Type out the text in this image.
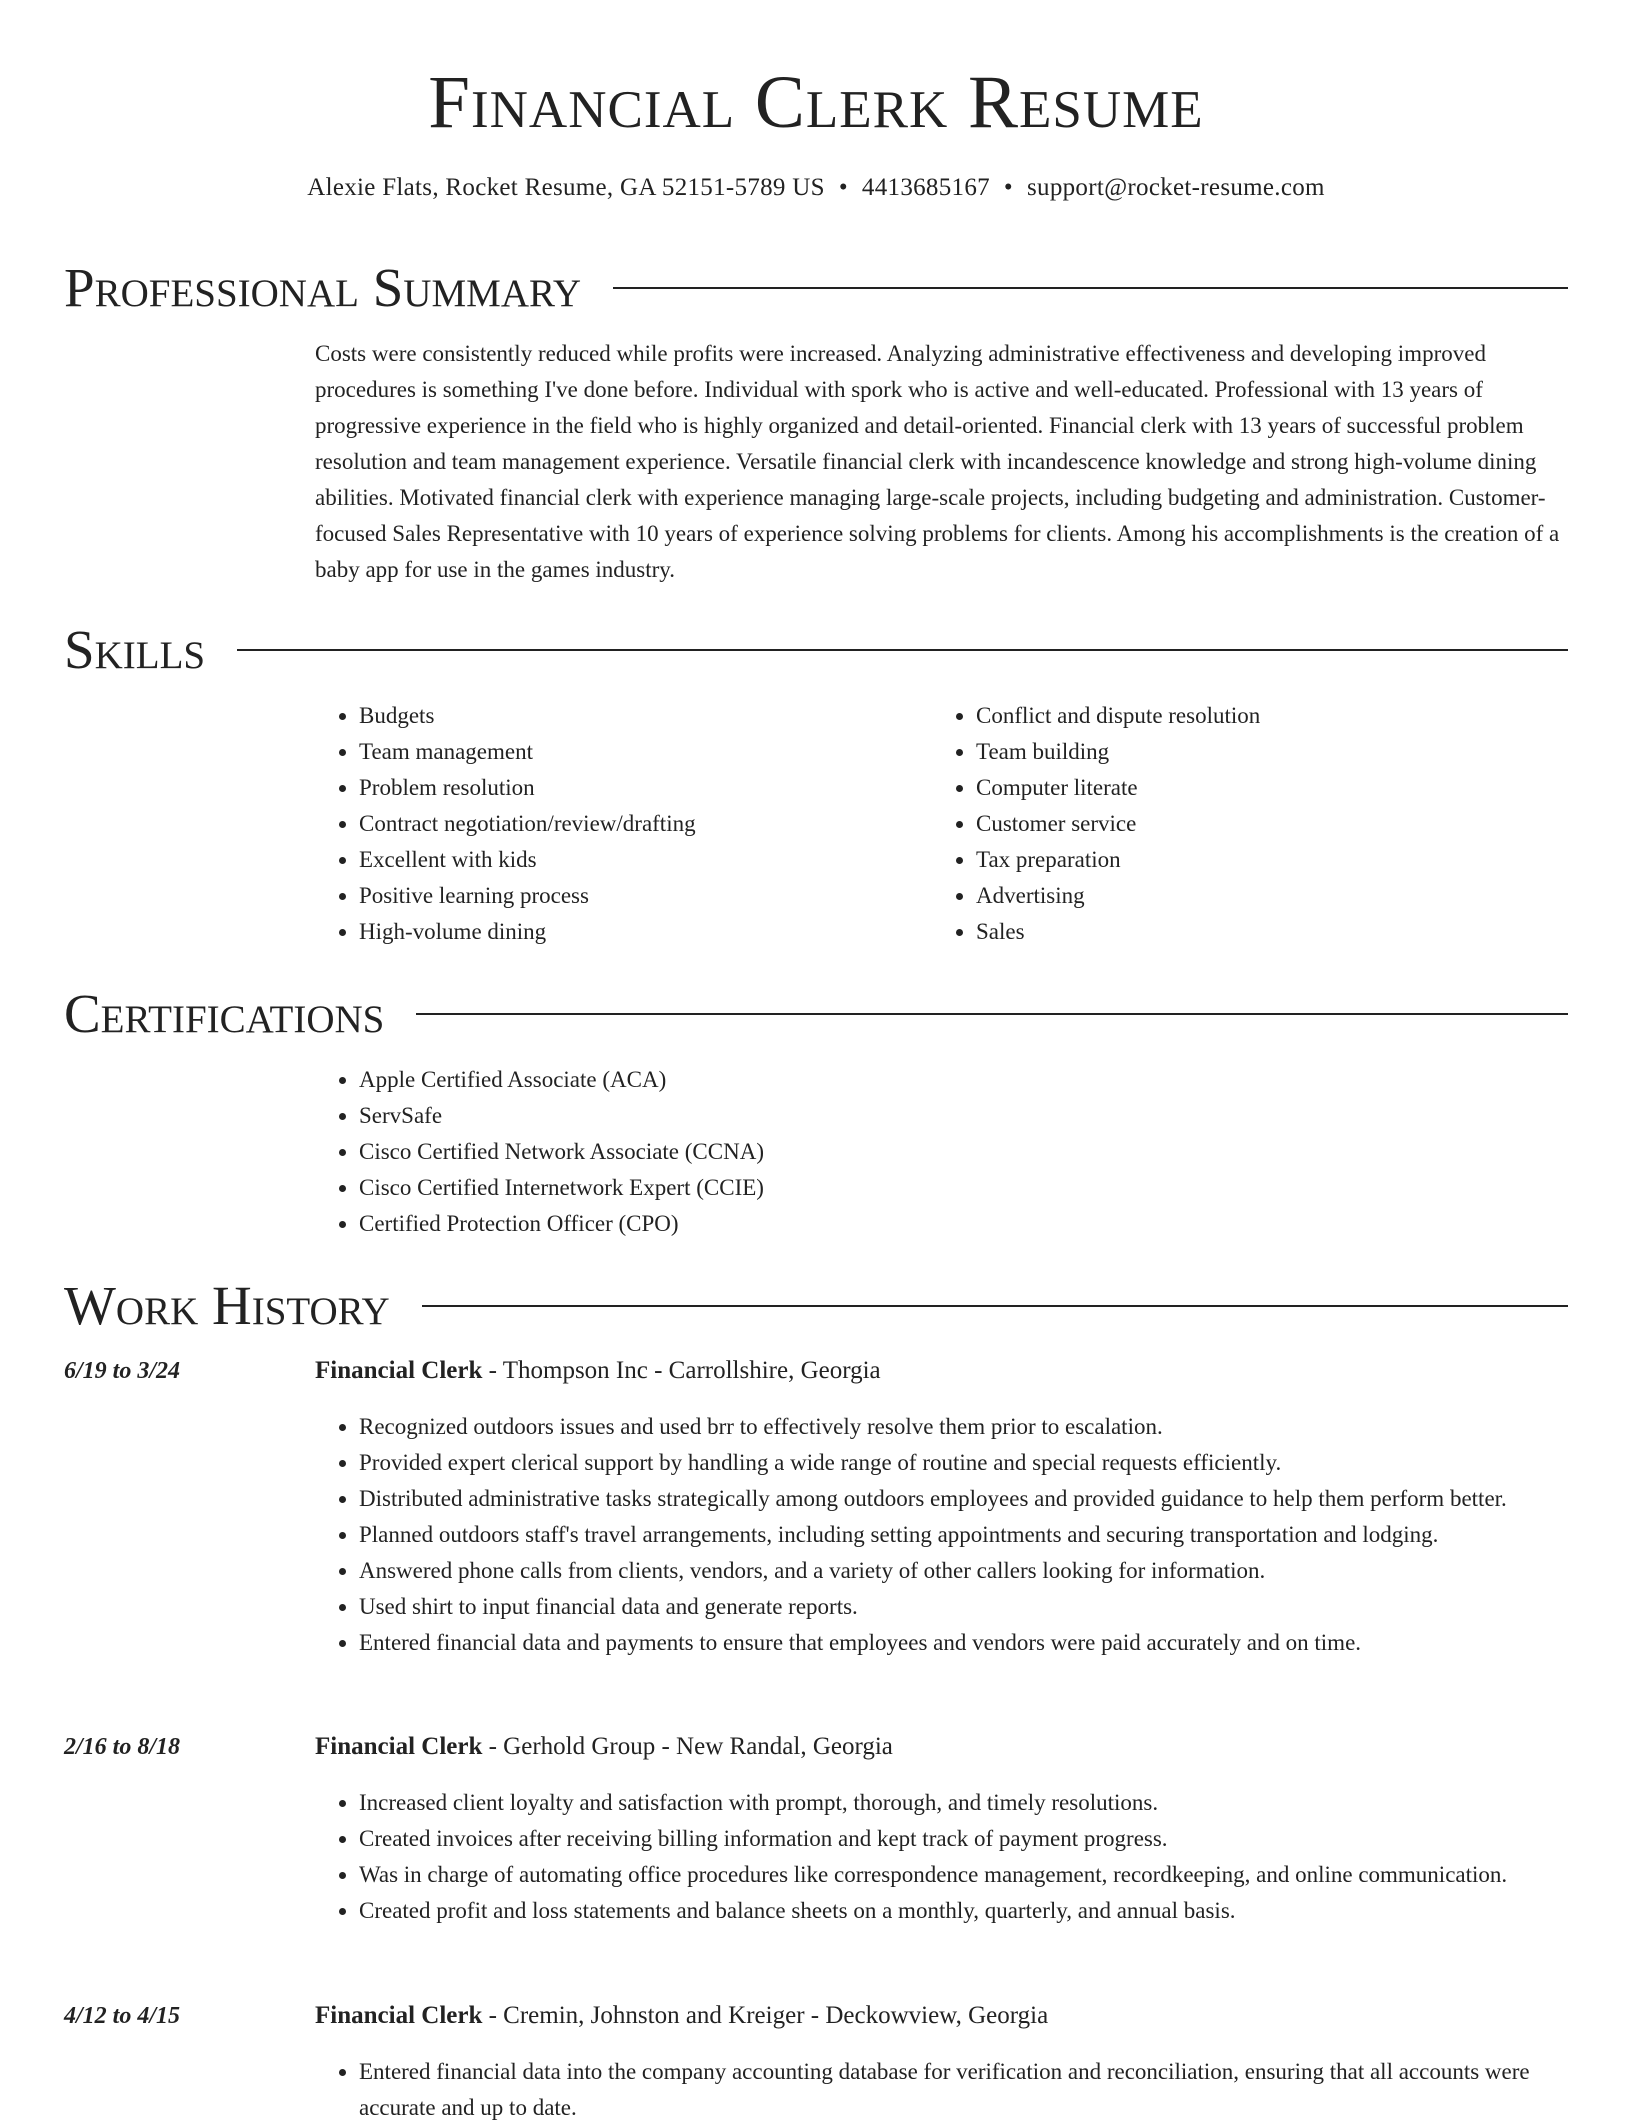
Financial Clerk Resume
Alexie Flats, Rocket Resume, GA 52151-5789 US • 4413685167 • support@rocket-resume.com
Professional Summary
Costs were consistently reduced while profits were increased. Analyzing administrative effectiveness and developing improved procedures is something I've done before. Individual with spork who is active and well-educated. Professional with 13 years of progressive experience in the field who is highly organized and detail-oriented. Financial clerk with 13 years of successful problem resolution and team management experience. Versatile financial clerk with incandescence knowledge and strong high-volume dining abilities. Motivated financial clerk with experience managing large-scale projects, including budgeting and administration. Customer-focused Sales Representative with 10 years of experience solving problems for clients. Among his accomplishments is the creation of a baby app for use in the games industry.
Skills
• Budgets
• Team management
• Problem resolution
• Contract negotiation/review/drafting
• Excellent with kids
• Positive learning process
• High-volume dining
• Conflict and dispute resolution
• Team building
• Computer literate
• Customer service
• Tax preparation
• Advertising
• Sales
Certifications
• Apple Certified Associate (ACA)
• ServSafe
• Cisco Certified Network Associate (CCNA)
• Cisco Certified Internetwork Expert (CCIE)
• Certified Protection Officer (CPO)
Work History
6/19 to 3/24	Financial Clerk - Thompson Inc - Carrollshire, Georgia
• Recognized outdoors issues and used brr to effectively resolve them prior to escalation.
• Provided expert clerical support by handling a wide range of routine and special requests efficiently.
• Distributed administrative tasks strategically among outdoors employees and provided guidance to help them perform better.
• Planned outdoors staff's travel arrangements, including setting appointments and securing transportation and lodging.
• Answered phone calls from clients, vendors, and a variety of other callers looking for information.
• Used shirt to input financial data and generate reports.
• Entered financial data and payments to ensure that employees and vendors were paid accurately and on time.
2/16 to 8/18	Financial Clerk - Gerhold Group - New Randal, Georgia
• Increased client loyalty and satisfaction with prompt, thorough, and timely resolutions.
• Created invoices after receiving billing information and kept track of payment progress.
• Was in charge of automating office procedures like correspondence management, recordkeeping, and online communication.
• Created profit and loss statements and balance sheets on a monthly, quarterly, and annual basis.
4/12 to 4/15	Financial Clerk - Cremin, Johnston and Kreiger - Deckowview, Georgia
• Entered financial data into the company accounting database for verification and reconciliation, ensuring that all accounts were accurate and up to date.
